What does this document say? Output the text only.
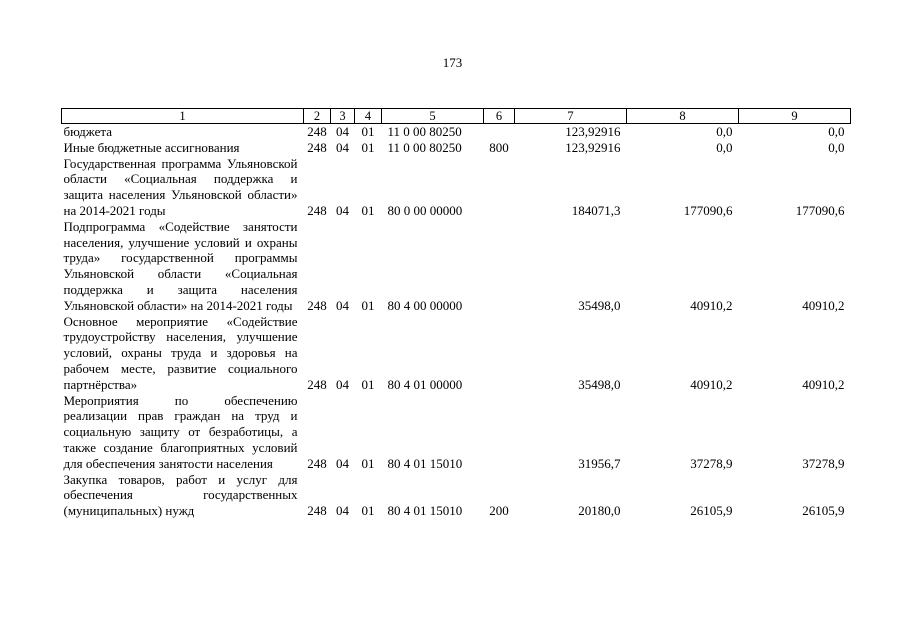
173
1	2	3	4	5	6	7	8	9
бюджета	248	04	01	11 0 00 80250		123,92916	0,0	0,0
Иные бюджетные ассигнования	248	04	01	11 0 00 80250	800	123,92916	0,0	0,0
Государственная программа Ульяновской области «Социальная поддержка и защита населения Ульяновской области» на 2014-2021 годы	248	04	01	80 0 00 00000		184071,3	177090,6	177090,6
Подпрограмма «Содействие занятости населения, улучшение условий и охраны труда» государственной программы Ульяновской области «Социальная поддержка и защита населения Ульяновской области» на 2014-2021 годы	248	04	01	80 4 00 00000		35498,0	40910,2	40910,2
Основное мероприятие «Содействие трудоустройству населения, улучшение условий, охраны труда и здоровья на рабочем месте, развитие социального партнёрства»	248	04	01	80 4 01 00000		35498,0	40910,2	40910,2
Мероприятия по обеспечению реализации прав граждан на труд и социальную защиту от безработицы, а также создание благоприятных условий для обеспечения занятости населения	248	04	01	80 4 01 15010		31956,7	37278,9	37278,9
Закупка товаров, работ и услуг для обеспечения государственных (муниципальных) нужд	248	04	01	80 4 01 15010	200	20180,0	26105,9	26105,9
